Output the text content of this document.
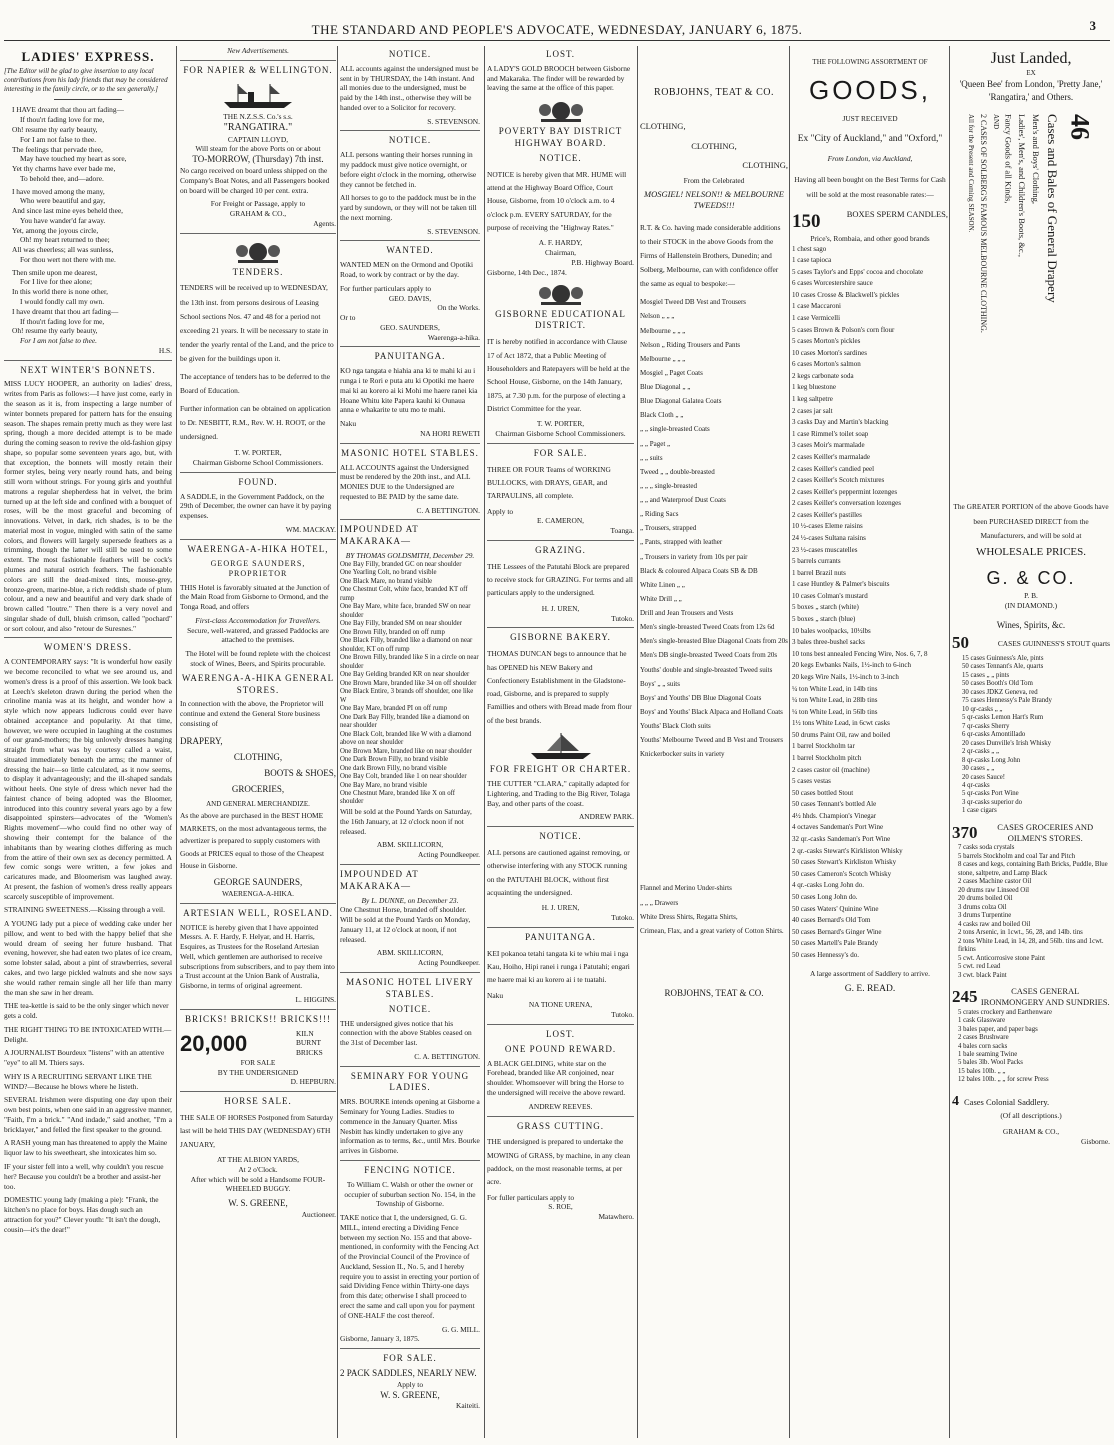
THE STANDARD AND PEOPLE'S ADVOCATE, WEDNESDAY, JANUARY 6, 1875.	3
LADIES' EXPRESS.
[The Editor will be glad to give insertion to any local contributions from his lady friends that may be considered interesting in the family circle, or to the sex generally.]
I HAVE dreamt that thou art fading—
If thou'rt fading love for me,
Oh! resume thy early beauty,
For I am not false to thee.
The feelings that pervade thee,
May have touched my heart as sore,
Yet thy charms have ever bade me,
To behold thee, and—adore.
I have moved among the many,
Who were beautiful and gay,
And since last mine eyes beheld thee,
You have wander'd far away.
Yet, among the joyous circle,
Oh! my heart returned to thee;
All was cheerless; all was sunless,
For thou wert not there with me.
Then smile upon me dearest,
For I live for thee alone;
In this world there is none other,
I would fondly call my own.
I have dreamt that thou art fading—
If thou'rt fading love for me,
Oh! resume thy early beauty,
For I am not false to thee.
H.S.
NEXT WINTER'S BONNETS.
MISS LUCY HOOPER, an authority on ladies' dress, writes from Paris as follows:—I have just come, early in the season as it is, from inspecting a large number of winter bonnets prepared for pattern hats for the ensuing season. The shapes remain pretty much as they were last spring, though a more decided attempt is to be made during the coming season to revive the old-fashion gipsy shape, so popular some seventeen years ago, but, with that exception, the bonnets will mostly retain their former styles, being very nearly round hats, and being still worn without strings. For young girls and youthful matrons a regular shepherdess hat in velvet, the brim turned up at the left side and confined with a bouquet of roses, will be the most graceful and becoming of innovations. Velvet, in dark, rich shades, is to be the material most in vogue, mingled with satin of the same colors, and flowers will largely supersede feathers as a trimming, though the latter will still be used to some extent. The most fashionable feathers will be cock's plumes and natural ostrich feathers. The fashionable colors are still the dead-mixed tints, mouse-grey, bronze-green, marine-blue, a rich reddish shade of plum colour, and a new and beautiful and very dark shade of brown called "loutre." Then there is a very novel and singular shade of dull, bluish crimson, called "pochard" or sort colour, and also "retour de Suresnes."
WOMEN'S DRESS.
A CONTEMPORARY says: "It is wonderful how easily we become reconciled to what we see around us, and women's dress is a proof of this assertion. We look back at Leech's skeleton drawn during the period when the crinoline mania was at its height, and wonder how a style which now appears ludicrous could ever have obtained acceptance and popularity. At that time, however, we were occupied in laughing at the costumes of our grand-mothers; the big unlovely dresses hanging straight from what was by courtesy called a waist, situated immediately beneath the arms; the manner of dressing the hair—so little calculated, as it now seems, to display it advantageously; and the ill-shaped sandals without heels. One style of dress which never had the faintest chance of being adopted was the Bloomer, introduced into this country several years ago by a few disappointed spinsters—advocates of the 'Women's Rights movement'—who could find no other way of showing their contempt for the balance of the inhabitants than by wearing clothes differing as much from the attire of their own sex as decency permitted. A few comic songs were written, a few jokes and caricatures made, and Bloomerism was laughed away. At present, the fashion of women's dress really appears scarcely susceptible of improvement.
STRAINING SWEETNESS.—Kissing through a veil.
A YOUNG lady put a piece of wedding cake under her pillow, and went to bed with the happy belief that she would dream of seeing her future husband. That evening, however, she had eaten two plates of ice cream, some lobster salad, about a pint of strawberries, several cakes, and two large pickled walnuts and she now says she would rather remain single all her life than marry the man she saw in her dream.
THE tea-kettle is said to be the only singer which never gets a cold.
THE RIGHT THING TO BE INTOXICATED WITH.—Delight.
A JOURNALIST Bourdeux "listens" with an attentive "eye" to all M. Thiers says.
WHY IS A RECRUITING SERVANT LIKE THE WIND?—Because he blows where he listeth.
SEVERAL Irishmen were disputing one day upon their own best points, when one said in an aggressive manner, "Faith, I'm a brick." "And indade," said another, "I'm a bricklayer," and felled the first speaker to the ground.
A RASH young man has threatened to apply the Maine liquor law to his sweetheart, she intoxicates him so.
IF your sister fell into a well, why couldn't you rescue her? Because you couldn't be a brother and assist-her too.
DOMESTIC young lady (making a pie): "Frank, the kitchen's no place for boys. Has dough such an attraction for you?" Clever youth: "It isn't the dough, cousin—it's the dear!"
New Advertisements.
FOR NAPIER & WELLINGTON.
THE N.Z.S.S. Co.'s s.s.
"RANGATIRA."
CAPTAIN LLOYD,
Will steam for the above Ports on or about
TO-MORROW, (Thursday) 7th inst.
No cargo received on board unless shipped on the Company's Boat Notes, and all Passengers booked on board will be charged 10 per cent. extra.
For Freight or Passage, apply to
GRAHAM & CO.,
Agents.
TENDERS.
TENDERS will be received up to WEDNESDAY, the 13th inst. from persons desirous of Leasing School sections Nos. 47 and 48 for a period not exceeding 21 years. It will be necessary to state in tender the yearly rental of the Land, and the price to be given for the buildings upon it.
The acceptance of tenders has to be deferred to the Board of Education.
Further information can be obtained on application to Dr. NESBITT, R.M., Rev. W. H. ROOT, or the undersigned.
T. W. PORTER,
Chairman Gisborne School Commissioners.
FOUND.
A SADDLE, in the Government Paddock, on the 29th of December, the owner can have it by paying expenses.
WM. MACKAY.
WAERENGA-A-HIKA HOTEL,
GEORGE SAUNDERS, PROPRIETOR
THIS Hotel is favorably situated at the Junction of the Main Road from Gisborne to Ormond, and the Tonga Road, and offers
First-class Accommodation for Travellers.
Secure, well-watered, and grassed Paddocks are attached to the premises.
The Hotel will be found replete with the choicest stock of Wines, Beers, and Spirits procurable.
WAERENGA-A-HIKA GENERAL STORES.
In connection with the above, the Proprietor will continue and extend the General Store business consisting of
DRAPERY,
CLOTHING,
BOOTS & SHOES,
GROCERIES,
AND GENERAL MERCHANDIZE.
As the above are purchased in the BEST HOME MARKETS, on the most advantageous terms, the advertizer is prepared to supply customers with Goods at PRICES equal to those of the Cheapest House in Gisborne.
GEORGE SAUNDERS,
WAERENGA-A-HIKA.
ARTESIAN WELL, ROSELAND.
NOTICE is hereby given that I have appointed Messrs. A. F. Hardy, F. Helyar, and H. Harris, Esquires, as Trustees for the Roseland Artesian Well, which gentlemen are authorised to receive subscriptions from subscribers, and to pay them into a Trust account at the Union Bank of Australia, Gisborne, in terms of original agreement.
L. HIGGINS.
BRICKS! BRICKS!! BRICKS!!!
20,000	KILN BURNT BRICKS
FOR SALE
BY THE UNDERSIGNED
D. HEPBURN.
HORSE SALE.
THE SALE OF HORSES Postponed from Saturday last will be held THIS DAY (WEDNESDAY) 6TH JANUARY,
AT THE ALBION YARDS,
At 2 o'Clock.
After which will be sold a Handsome FOUR-WHEELED BUGGY.
W. S. GREENE,
Auctioneer.
NOTICE.
ALL accounts against the undersigned must be sent in by THURSDAY, the 14th instant. And all monies due to the undersigned, must be paid by the 14th inst., otherwise they will be handed over to a Solicitor for recovery.
S. STEVENSON.
NOTICE.
ALL persons wanting their horses running in my paddock must give notice overnight, or before eight o'clock in the morning, otherwise they cannot be fetched in.
All horses to go to the paddock must be in the yard by sundown, or they will not be taken till the next morning.
S. STEVENSON.
WANTED.
WANTED MEN on the Ormond and Opotiki Road, to work by contract or by the day.
For further particulars apply to
GEO. DAVIS,
On the Works.
Or to
GEO. SAUNDERS,
Waerenga-a-hika.
PANUITANGA.
KO nga tangata e hiahia ana ki te mahi ki au i runga i te Rori e puta atu ki Opotiki me haere mai ki au korero ai ki Mohi me haere ranei kia Hoane Whitu kite Papera kauhi ki Ounaua anna e whakarite te utu mo te mahi.
Naku
NA HORI REWETI
MASONIC HOTEL STABLES.
ALL ACCOUNTS against the Undersigned must be rendered by the 20th inst., and ALL MONIES DUE to the Undersigned are requested to BE PAID by the same date.
C. A BETTINGTON.
IMPOUNDED AT MAKARAKA—
BY THOMAS GOLDSMITH, December 29.
One Bay Filly, branded GC on near shoulder
One Yearling Colt, no brand visible
One Black Mare, no brand visible
One Chestnut Colt, white face, branded KT off rump
One Bay Mare, white face, branded SW on near shoulder
One Bay Filly, branded SM on near shoulder
One Brown Filly, branded on off rump
One Black Filly, branded like a diamond on near shoulder, KT on off rump
One Brown Filly, branded like S in a circle on near shoulder
One Bay Gelding branded KR on near shoulder
One Brown Mare, branded like 34 on off shoulder
One Black Entire, 3 brands off shoulder, one like W
One Bay Mare, branded PI on off rump
One Dark Bay Filly, branded like a diamond on near shoulder
One Black Colt, branded like W with a diamond above on near shoulder
One Brown Mare, branded like on near shoulder
One Dark Brown Filly, no brand visible
One dark Brown Filly, no brand visible
One Bay Colt, branded like 1 on near shoulder
One Bay Mare, no brand visible
One Chestnut Mare, branded like X on off shoulder
Will be sold at the Pound Yards on Saturday, the 16th January, at 12 o'clock noon if not released.
ABM. SKILLICORN,
Acting Poundkeeper.
IMPOUNDED AT MAKARAKA—
By L. DUNNE, on December 23.
One Chestnut Horse, branded off shoulder.
Will be sold at the Pound Yards on Monday, January 11, at 12 o'clock at noon, if not released.
ABM. SKILLICORN,
Acting Poundkeeper.
MASONIC HOTEL LIVERY STABLES.
NOTICE.
THE undersigned gives notice that his connection with the above Stables ceased on the 31st of December last.
C. A. BETTINGTON.
SEMINARY FOR YOUNG LADIES.
MRS. BOURKE intends opening at Gisborne a Seminary for Young Ladies. Studies to commence in the January Quarter. Miss Nesbitt has kindly undertaken to give any information as to terms, &c., until Mrs. Bourke arrives in Gisborne.
FENCING NOTICE.
To William C. Walsh or other the owner or occupier of suburban section No. 154, in the Township of Gisborne.
TAKE notice that I, the undersigned, G. G. MILL, intend erecting a Dividing Fence between my section No. 155 and that above-mentioned, in conformity with the Fencing Act of the Provincial Council of the Province of Auckland, Session II., No. 5, and I hereby require you to assist in erecting your portion of said Dividing Fence within Thirty-one days from this date; otherwise I shall proceed to erect the same and call upon you for payment of ONE-HALF the cost thereof.
G. G. MILL.
Gisborne, January 3, 1875.
FOR SALE.
2 PACK SADDLES, NEARLY NEW.
Apply to
W. S. GREENE,
Kaiteiti.
LOST.
A LADY'S GOLD BROOCH between Gisborne and Makaraka. The finder will be rewarded by leaving the same at the office of this paper.
POVERTY BAY DISTRICT HIGHWAY BOARD.
NOTICE.
NOTICE is hereby given that MR. HUME will attend at the Highway Board Office, Court House, Gisborne, from 10 o'clock a.m. to 4 o'clock p.m. EVERY SATURDAY, for the purpose of receiving the "Highway Rates."
A. F. HARDY,
Chairman,
P.B. Highway Board.
Gisborne, 14th Dec., 1874.
GISBORNE EDUCATIONAL DISTRICT.
IT is hereby notified in accordance with Clause 17 of Act 1872, that a Public Meeting of Householders and Ratepayers will be held at the School House, Gisborne, on the 14th January, 1875, at 7.30 p.m. for the purpose of electing a District Committee for the year.
T. W. PORTER,
Chairman Gisborne School Commissioners.
FOR SALE.
THREE OR FOUR Teams of WORKING BULLOCKS, with DRAYS, GEAR, and TARPAULINS, all complete.
Apply to
E. CAMERON,
Toanga.
GRAZING.
THE Lessees of the Patutahi Block are prepared to receive stock for GRAZING. For terms and all particulars apply to the undersigned.
H. J. UREN,
Tutoko.
GISBORNE BAKERY.
THOMAS DUNCAN begs to announce that he has OPENED his NEW Bakery and Confectionery Establishment in the Gladstone-road, Gisborne, and is prepared to supply Famillies and others with Bread made from flour of the best brands.
FOR FREIGHT OR CHARTER.
THE CUTTER "CLARA," capitally adapted for Lightering, and Trading to the Big River, Tolaga Bay, and other parts of the coast.
ANDREW PARK.
NOTICE.
ALL persons are cautioned against removing, or otherwise interfering with any STOCK running on the PATUTAHI BLOCK, without first acquainting the undersigned.
H. J. UREN,
Tutoko.
PANUITANGA.
KEI pokanoa tetahi tangata ki te whiu mai i nga Kau, Hoiho, Hipi ranei i runga i Patutahi; engari me haere mai ki au korero ai i te tuatahi.
Naku
NA TIONE URENA,
Tutoko.
LOST.
ONE POUND REWARD.
A BLACK GELDING, white star on the Forehead, branded like AR conjoined, near shoulder. Whomsoever will bring the Horse to the undersigned will receive the above reward.
ANDREW REEVES.
GRASS CUTTING.
THE undersigned is prepared to undertake the MOWING of GRASS, by machine, in any clean paddock, on the most reasonable terms, at per acre.
For fuller particulars apply to
S. ROE,
Matawhero.
ROBJOHNS, TEAT & CO.
CLOTHING,
CLOTHING,
CLOTHING,
From the Celebrated
MOSGIEL! NELSON!! & MELBOURNE TWEEDS!!!
R.T. & Co. having made considerable additions to their STOCK in the above Goods from the Firms of Hallenstein Brothers, Dunedin; and Solberg, Melbourne, can with confidence offer the same as equal to bespoke:—
Mosgiel Tweed DB Vest and Trousers
Nelson „ „ „
Melbourne „ „ „
Nelson „ Riding Trousers and Pants
Melbourne „ „ „
Mosgiel „ Paget Coats
Blue Diagonal „ „
Blue Diagonal Galatea Coats
Black Cloth „ „
„ „ single-breasted Coats
„ „ Paget „
„ „ suits
Tweed „ „ double-breasted
„ „ „ single-breasted
„ „ and Waterproof Dust Coats
„ Riding Sacs
„ Trousers, strapped
„ Pants, strapped with leather
„ Trousers in variety from 10s per pair
Black & coloured Alpaca Coats SB & DB
White Linen „ „
White Drill „ „
Drill and Jean Trousers and Vests
Men's single-breasted Tweed Coats from 12s 6d
Men's single-breasted Blue Diagonal Coats from 20s
Men's DB single-breasted Tweed Coats from 20s
Youths' double and single-breasted Tweed suits
Boys' „ „ suits
Boys' and Youths' DB Blue Diagonal Coats
Boys' and Youths' Black Alpaca and Holland Coats
Youths' Black Cloth suits
Youths' Melbourne Tweed and B Vest and Trousers
Knickerbocker suits in variety
Flannel and Merino Under-shirts
„ „ „ Drawers
White Dress Shirts, Regatta Shirts,
Crimean, Flax, and a great variety of Cotton Shirts.
ROBJOHNS, TEAT & CO.
THE FOLLOWING ASSORTMENT OF
GOODS,
JUST RECEIVED
Ex "City of Auckland," and "Oxford,"
From London, via Auckland,
Having all been bought on the Best Terms for Cash will be sold at the most reasonable rates:—
150	BOXES SPERM CANDLES,
Price's, Rombaia, and other good brands
1 chest sago
1 case tapioca
5 cases Taylor's and Epps' cocoa and chocolate
6 cases Worcestershire sauce
10 cases Crosse & Blackwell's pickles
1 case Maccaroni
1 case Vermicelli
5 cases Brown & Polson's corn flour
5 cases Morton's pickles
10 cases Morton's sardines
6 cases Morton's salmon
2 kegs carbonate soda
1 keg bluestone
1 keg saltpetre
2 cases jar salt
3 casks Day and Martin's blacking
1 case Rimmel's toilet soap
3 cases Moir's marmalade
2 cases Keiller's marmalade
2 cases Keiller's candied peel
2 cases Keiller's Scotch mixtures
2 cases Keiller's peppermint lozenges
2 cases Keiller's conversation lozenges
2 cases Keiller's pastilles
10 ½-cases Eleme raisins
24 ½-cases Sultana raisins
23 ½-cases muscatelles
5 barrels currants
1 barrel Brazil nuts
1 case Huntley & Palmer's biscuits
10 cases Colman's mustard
5 boxes „ starch (white)
5 boxes „ starch (blue)
10 bales woolpacks, 10½lbs
3 bales three-bushel sacks
10 tons best annealed Fencing Wire, Nos. 6, 7, 8
20 kegs Ewbanks Nails, 1½-inch to 6-inch
20 kegs Wire Nails, 1½-inch to 3-inch
¼ ton White Lead, in 14lb tins
¼ ton White Lead, in 28lb tins
¼ ton White Lead, in 56lb tins
1½ tons White Lead, in 6cwt casks
50 drums Paint Oil, raw and boiled
1 barrel Stockholm tar
1 barrel Stockholm pitch
2 cases castor oil (machine)
5 cases vestas
50 cases bottled Stout
50 cases Tennant's bottled Ale
4½ hhds. Champion's Vinegar
4 octaves Sandeman's Port Wine
32 qr.-casks Sandeman's Port Wine
2 qr.-casks Stewart's Kirkliston Whisky
50 cases Stewart's Kirkliston Whisky
50 cases Cameron's Scotch Whisky
4 qr.-casks Long John do.
50 cases Long John do.
50 cases Waters' Quinine Wine
40 cases Bernard's Old Tom
50 cases Bernard's Ginger Wine
50 cases Martell's Pale Brandy
50 cases Hennessy's do.
A large assortment of Saddlery to arrive.
G. E. READ.
Just Landed,
EX
'Queen Bee' from London, 'Pretty Jane,' 'Rangatira,' and Others.
All for the Present and Coming SEASON. 2 CASES OF SOLBERG'S FAMOUS MELBOURNE CLOTHING. AND Fancy Goods of all Kinds, Ladies', Men's, and Children's Boots, &c., Men's and Boys' Clothing, Cases and Bales of General Drapery 46
The GREATER PORTION of the above Goods have been PURCHASED DIRECT from the Manufacturers, and will be sold at
WHOLESALE PRICES.
G. & CO.
P. B.
(IN DIAMOND.)
Wines, Spirits, &c.
50	CASES GUINNESS'S STOUT quarts
15 cases Guinness's Ale, pints
50 cases Tennant's Ale, quarts
15 cases „ „ pints
50 cases Booth's Old Tom
30 cases JDKZ Geneva, red
75 cases Hennessy's Pale Brandy
10 qr-casks „ „
5 qr-casks Lemon Hart's Rum
7 qr-casks Sherry
6 qr-casks Amontillado
20 cases Dunville's Irish Whisky
2 qr-casks „ „
8 qr-casks Long John
30 cases „ „
20 cases Sauce!
4 qr-casks
5 qr-casks Port Wine
3 qr-casks superior do
1 case cigars
370	CASES GROCERIES AND OILMEN'S STORES.
7 casks soda crystals
5 barrels Stockholm and coal Tar and Pitch
8 cases and kegs, containing Bath Bricks, Puddle, Blue stone, saltpetre, and Lamp Black
2 cases Machine castor Oil
20 drums raw Linseed Oil
20 drums boiled Oil
3 drums colza Oil
3 drums Turpentine
4 casks raw and boiled Oil
2 tons Arsenic, in 1cwt., 56, 28, and 14lb. tins
2 tons White Lead, in 14, 28, and 56lb. tins and 1cwt. firkins
5 cwt. Anticorrosive stone Paint
5 cwt. red Lead
3 cwt. black Paint
245	CASES GENERAL IRONMONGERY AND SUNDRIES.
5 crates crockery and Earthenware
1 cask Glassware
3 bales paper, and paper bags
2 cases Brushware
4 bales corn sacks
1 bale seaming Twine
5 bales 3lb. Wool Packs
15 bales 10lb. „ „
12 bales 10lb. „ „ for screw Press
4 Cases Colonial Saddlery.
(Of all descriptions.)
GRAHAM & CO.,
Gisborne.
